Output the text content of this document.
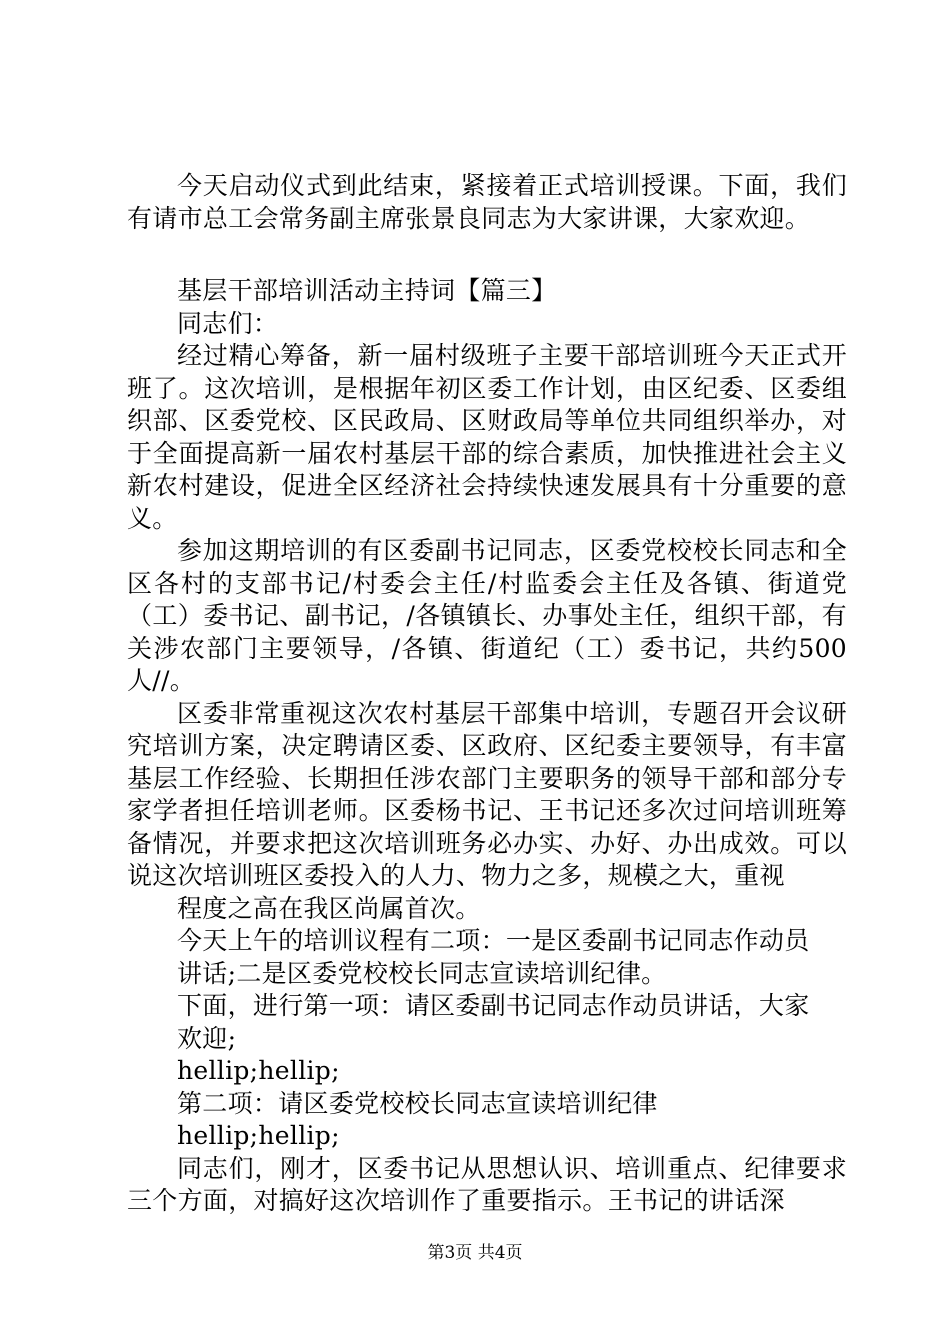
今天启动仪式到此结束，紧接着正式培训授课。下面，我们有请市总工会常务副主席张景良同志为大家讲课，大家欢迎。

基层干部培训活动主持词【篇三】

同志们：

经过精心筹备，新一届村级班子主要干部培训班今天正式开班了。这次培训，是根据年初区委工作计划，由区纪委、区委组织部、区委党校、区民政局、区财政局等单位共同组织举办，对于全面提高新一届农村基层干部的综合素质，加快推进社会主义新农村建设，促进全区经济社会持续快速发展具有十分重要的意义。

参加这期培训的有区委副书记同志，区委党校校长同志和全区各村的支部书记/村委会主任/村监委会主任及各镇、街道党（工）委书记、副书记，/各镇镇长、办事处主任，组织干部，有关涉农部门主要领导，/各镇、街道纪（工）委书记，共约500人//。

区委非常重视这次农村基层干部集中培训，专题召开会议研究培训方案，决定聘请区委、区政府、区纪委主要领导，有丰富基层工作经验、长期担任涉农部门主要职务的领导干部和部分专家学者担任培训老师。区委杨书记、王书记还多次过问培训班筹备情况，并要求把这次培训班务必办实、办好、办出成效。可以说这次培训班区委投入的人力、物力之多，规模之大，重视

程度之高在我区尚属首次。

今天上午的培训议程有二项：一是区委副书记同志作动员

讲话;二是区委党校校长同志宣读培训纪律。

下面，进行第一项：请区委副书记同志作动员讲话，大家

欢迎;

hellip;hellip;

第二项：请区委党校校长同志宣读培训纪律

hellip;hellip;

同志们，刚才，区委书记从思想认识、培训重点、纪律要求三个方面，对搞好这次培训作了重要指示。王书记的讲话深

第3页 共4页
